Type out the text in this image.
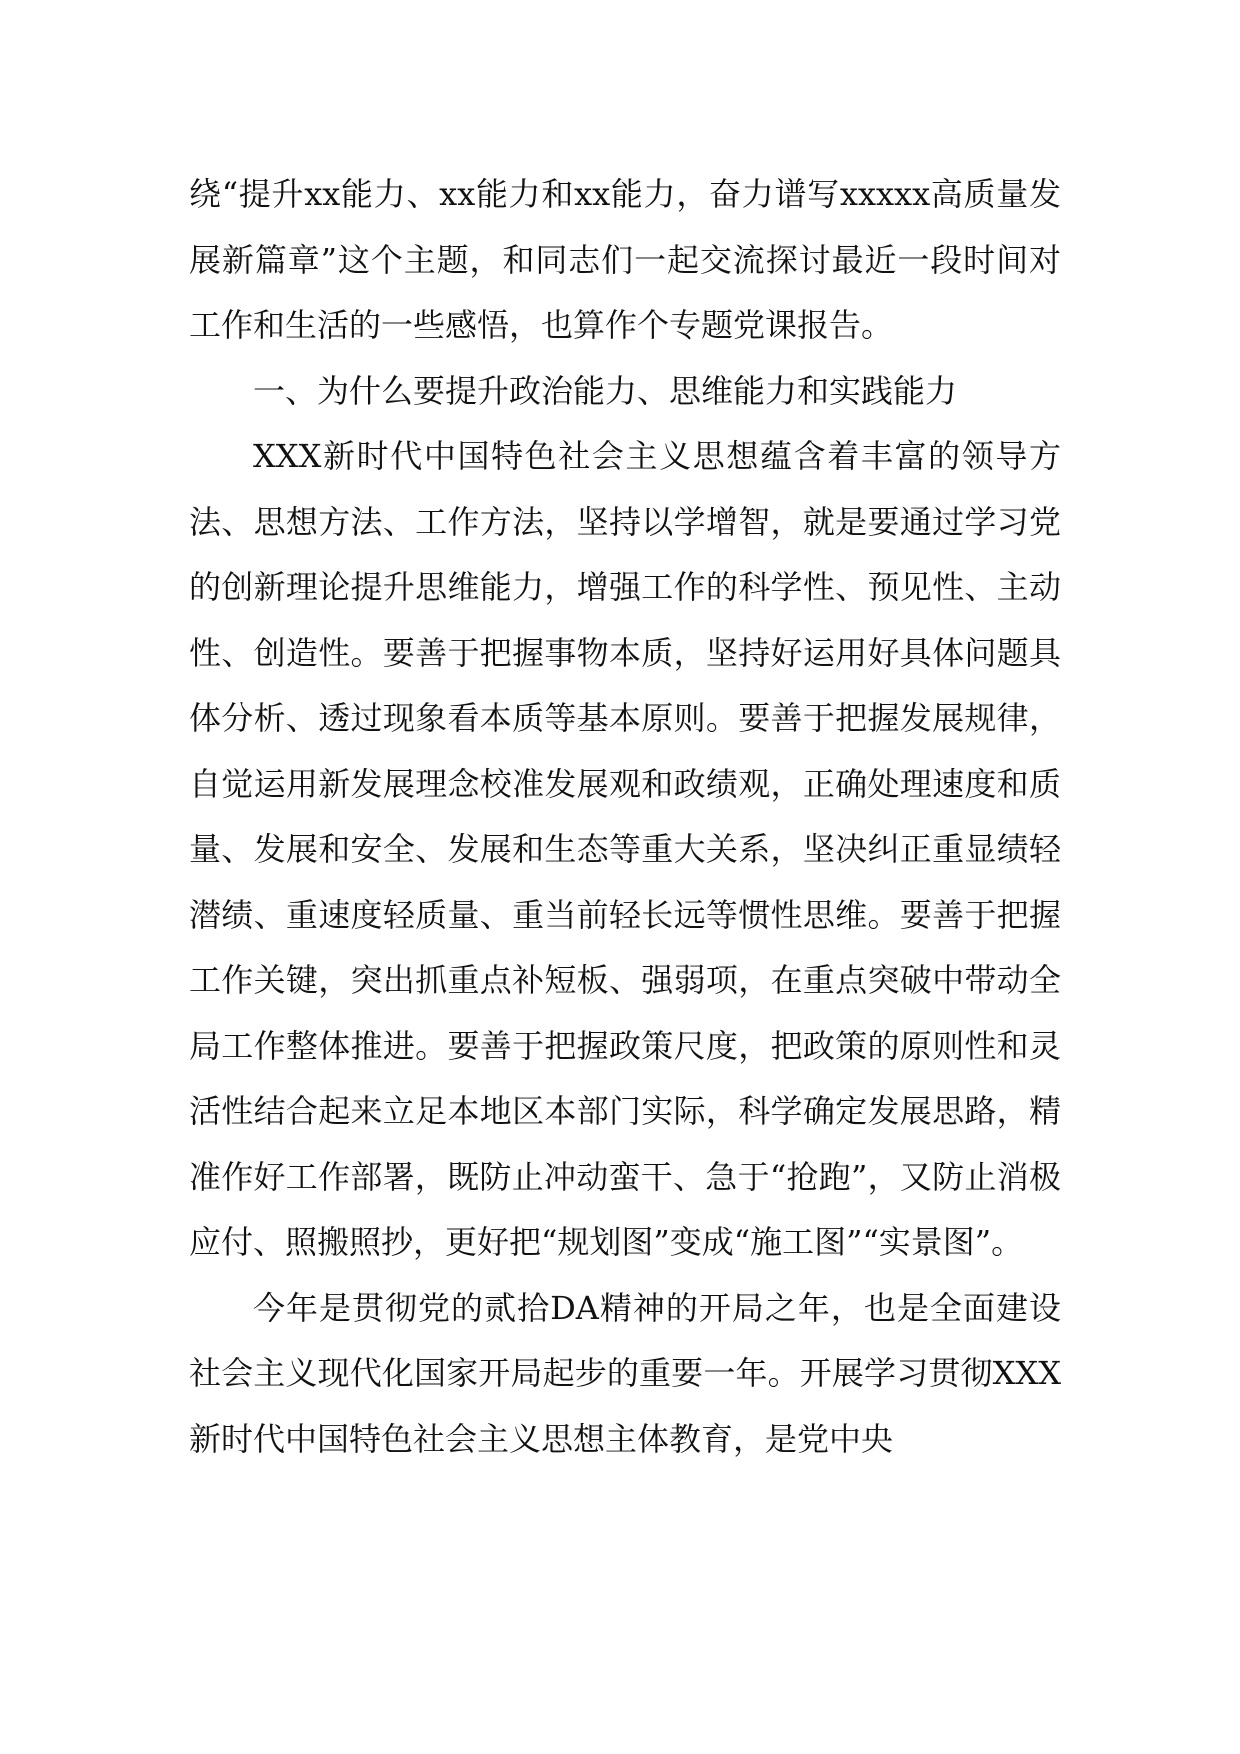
绕“提升xx能力、xx能力和xx能力，奋力谱写xxxxx高质量发展新篇章”这个主题，和同志们一起交流探讨最近一段时间对工作和生活的一些感悟，也算作个专题党课报告。

一、为什么要提升政治能力、思维能力和实践能力

XXX新时代中国特色社会主义思想蕴含着丰富的领导方法、思想方法、工作方法，坚持以学增智，就是要通过学习党的创新理论提升思维能力，增强工作的科学性、预见性、主动性、创造性。要善于把握事物本质，坚持好运用好具体问题具体分析、透过现象看本质等基本原则。要善于把握发展规律，自觉运用新发展理念校准发展观和政绩观，正确处理速度和质量、发展和安全、发展和生态等重大关系，坚决纠正重显绩轻潜绩、重速度轻质量、重当前轻长远等惯性思维。要善于把握工作关键，突出抓重点补短板、强弱项，在重点突破中带动全局工作整体推进。要善于把握政策尺度，把政策的原则性和灵活性结合起来立足本地区本部门实际，科学确定发展思路，精准作好工作部署，既防止冲动蛮干、急于“抢跑”，又防止消极应付、照搬照抄，更好把“规划图”变成“施工图”“实景图”。

今年是贯彻党的贰拾DA精神的开局之年，也是全面建设社会主义现代化国家开局起步的重要一年。开展学习贯彻XXX新时代中国特色社会主义思想主体教育，是党中央
